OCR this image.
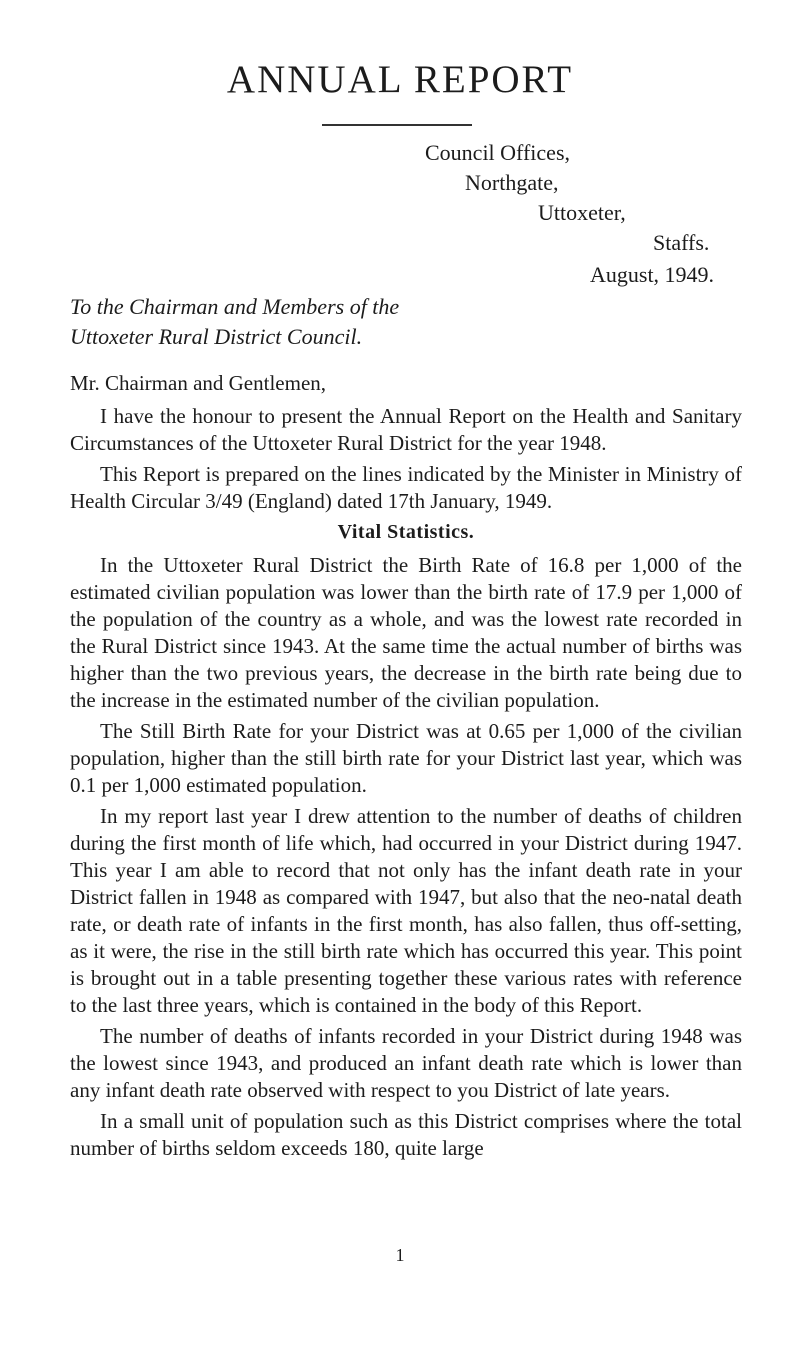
ANNUAL REPORT
Council Offices,
Northgate,
Uttoxeter,
Staffs.
August, 1949.
To the Chairman and Members of the
Uttoxeter Rural District Council.

Mr. Chairman and Gentlemen,

I have the honour to present the Annual Report on the Health and Sanitary Circumstances of the Uttoxeter Rural District for the year 1948.

This Report is prepared on the lines indicated by the Minister in Ministry of Health Circular 3/49 (England) dated 17th January, 1949.

Vital Statistics.

In the Uttoxeter Rural District the Birth Rate of 16.8 per 1,000 of the estimated civilian population was lower than the birth rate of 17.9 per 1,000 of the population of the country as a whole, and was the lowest rate recorded in the Rural District since 1943. At the same time the actual number of births was higher than the two previous years, the decrease in the birth rate being due to the increase in the estimated number of the civilian population.

The Still Birth Rate for your District was at 0.65 per 1,000 of the civilian population, higher than the still birth rate for your District last year, which was 0.1 per 1,000 estimated population.

In my report last year I drew attention to the number of deaths of children during the first month of life which, had occurred in your District during 1947. This year I am able to record that not only has the infant death rate in your District fallen in 1948 as compared with 1947, but also that the neo-natal death rate, or death rate of infants in the first month, has also fallen, thus off-setting, as it were, the rise in the still birth rate which has occurred this year. This point is brought out in a table presenting together these various rates with reference to the last three years, which is contained in the body of this Report.

The number of deaths of infants recorded in your District during 1948 was the lowest since 1943, and produced an infant death rate which is lower than any infant death rate observed with respect to you District of late years.

In a small unit of population such as this District comprises where the total number of births seldom exceeds 180, quite large

1
